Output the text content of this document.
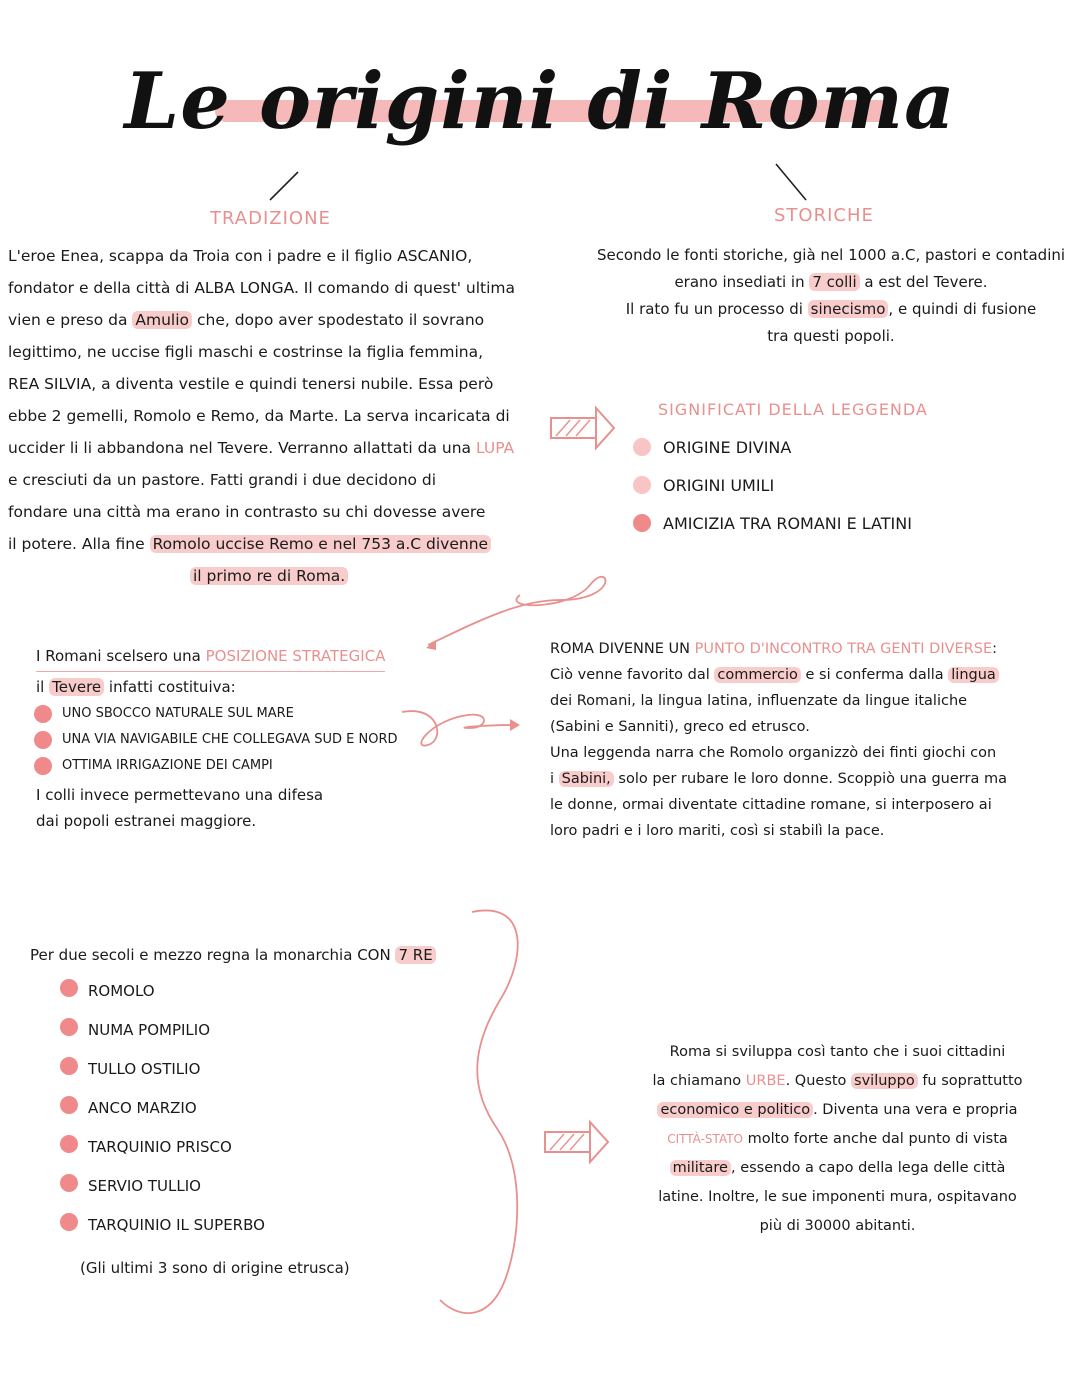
Le origini di Roma
TRADIZIONE	STORICHE
L'eroe Enea, scappa da Troia con i padre e il figlio ASCANIO,
fondator e della città di ALBA LONGA. Il comando di quest' ultima
vien e preso da Amulio che, dopo aver spodestato il sovrano
legittimo, ne uccise figli maschi e costrinse la figlia femmina,
REA SILVIA, a diventa vestile e quindi tenersi nubile. Essa però
ebbe 2 gemelli, Romolo e Remo, da Marte. La serva incaricata di
uccider li li abbandona nel Tevere. Verranno allattati da una LUPA
e cresciuti da un pastore. Fatti grandi i due decidono di
fondare una città ma erano in contrasto su chi dovesse avere
il potere. Alla fine Romolo uccise Remo e nel 753 a.C divenne
il primo re di Roma.
Secondo le fonti storiche, già nel 1000 a.C, pastori e contadini
erano insediati in 7 colli a est del Tevere.
Il rato fu un processo di sinecismo , e quindi di fusione
tra questi popoli.
SIGNIFICATI DELLA LEGGENDA
ORIGINE DIVINA
ORIGINI UMILI
AMICIZIA TRA ROMANI E LATINI
I Romani scelsero una POSIZIONE STRATEGICA
il Tevere infatti costituiva:
UNO SBOCCO NATURALE SUL MARE
UNA VIA NAVIGABILE CHE COLLEGAVA SUD E NORD
OTTIMA IRRIGAZIONE DEI CAMPI
I colli invece permettevano una difesa
dai popoli estranei maggiore.
ROMA DIVENNE UN PUNTO D'INCONTRO TRA GENTI DIVERSE:
Ciò venne favorito dal commercio e si conferma dalla lingua
dei Romani, la lingua latina, influenzate da lingue italiche
(Sabini e Sanniti), greco ed etrusco.
Una leggenda narra che Romolo organizzò dei finti giochi con
i Sabini, solo per rubare le loro donne. Scoppiò una guerra ma
le donne, ormai diventate cittadine romane, si interposero ai
loro padri e i loro mariti, così si stabilì la pace.
Per due secoli e mezzo regna la monarchia CON 7 RE
ROMOLO
NUMA POMPILIO
TULLO OSTILIO
ANCO MARZIO
TARQUINIO PRISCO
SERVIO TULLIO
TARQUINIO IL SUPERBO
(Gli ultimi 3 sono di origine etrusca)
Roma si sviluppa così tanto che i suoi cittadini
la chiamano URBE. Questo sviluppo fu soprattutto
economico e politico . Diventa una vera e propria
CITTÀ-STATO molto forte anche dal punto di vista
militare , essendo a capo della lega delle città
latine. Inoltre, le sue imponenti mura, ospitavano
più di 30000 abitanti.
